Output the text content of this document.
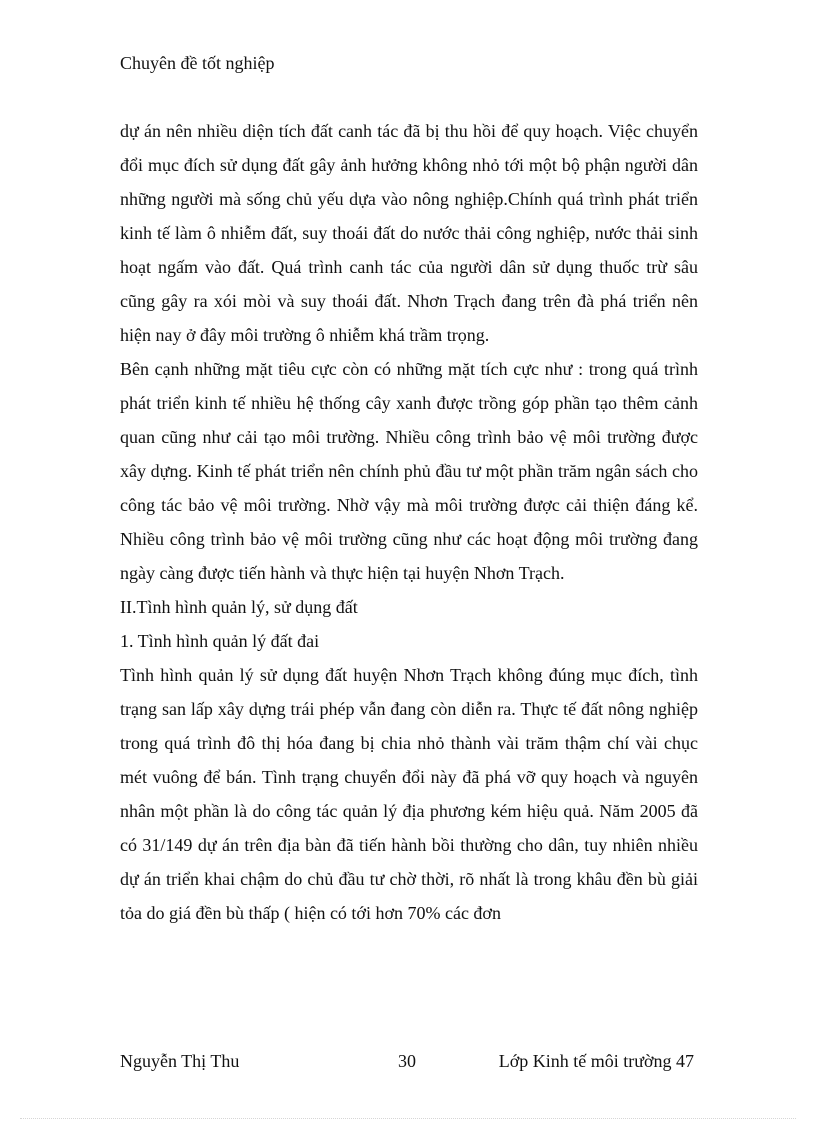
Chuyên đề tốt nghiệp

dự án nên nhiều diện tích đất canh tác đã bị thu hồi để quy hoạch. Việc chuyển đổi mục đích sử dụng đất gây ảnh hưởng không nhỏ tới một bộ phận người dân những người mà sống chủ yếu dựa vào nông nghiệp.Chính quá trình phát triển kinh tế làm ô nhiễm đất, suy thoái đất do nước thải công nghiệp, nước thải sinh hoạt ngấm vào đất. Quá trình canh tác của người dân sử dụng thuốc trừ sâu cũng gây ra xói mòi và suy thoái đất. Nhơn Trạch đang trên đà phá triển nên hiện nay ở đây môi trường ô nhiễm khá trầm trọng.

Bên cạnh những mặt tiêu cực còn có những mặt tích cực như : trong quá trình phát triển kinh tế nhiều hệ thống cây xanh được trồng góp phần tạo thêm cảnh quan cũng như cải tạo môi trường. Nhiều công trình bảo vệ môi trường được xây dựng. Kinh tế phát triển nên chính phủ đầu tư một phần trăm ngân sách cho công tác bảo vệ môi trường. Nhờ vậy mà môi trường được cải thiện đáng kể. Nhiều công trình bảo vệ môi trường cũng như các hoạt động môi trường đang ngày càng được tiến hành và thực hiện tại huyện Nhơn Trạch.

II.Tình hình quản lý, sử dụng đất

1. Tình hình quản lý đất đai

Tình hình quản lý sử dụng đất huyện Nhơn Trạch không đúng mục đích, tình trạng san lấp xây dựng trái phép vẫn đang còn diễn ra. Thực tế đất nông nghiệp trong quá trình đô thị hóa đang bị chia nhỏ thành vài trăm thậm chí vài chục mét vuông để bán. Tình trạng chuyển đổi này đã phá vỡ quy hoạch và nguyên nhân một phần là do công tác quản lý địa phương kém hiệu quả. Năm 2005 đã có 31/149 dự án trên địa bàn đã tiến hành bồi thường cho dân, tuy nhiên nhiều dự án triển khai chậm do chủ đầu tư chờ thời, rõ nhất là trong khâu đền bù giải tỏa do giá đền bù thấp ( hiện có tới hơn 70% các đơn

Nguyễn Thị Thu	30	Lớp Kinh tế môi trường 47
